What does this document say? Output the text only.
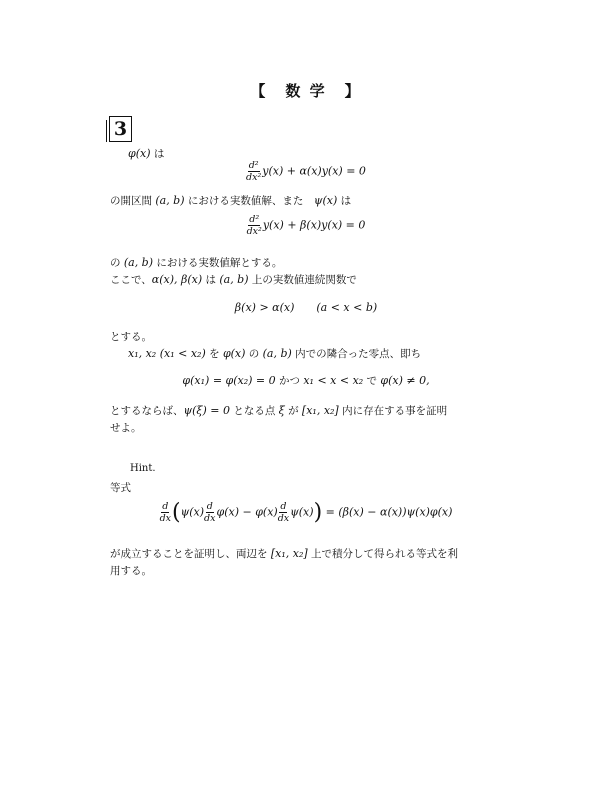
【 数 学 】
3
φ(x) は
$\frac{\text{d²}}{\text{dx²}} y(x) + \alpha(x)y(x) = 0$
の開区間 (a, b) における実数値解、また　ψ(x) は
$\frac{\text{d²}}{\text{dx²}} y(x) + \beta(x)y(x) = 0$
の (a, b) における実数値解とする。
ここで、α(x), β(x) は (a, b) 上の実数値連続関数で
β(x) > α(x)　　(a < x < b)
とする。
x₁, x₂ (x₁ < x₂) を φ(x) の (a, b) 内での隣合った零点、即ち
φ(x₁) = φ(x₂) = 0 かつ x₁ < x < x₂ で φ(x) ≠ 0,
とするならば、ψ(ξ) = 0 となる点 ξ が [x₁, x₂] 内に存在する事を証明
せよ。
Hint.
等式
$\frac{d}{dx} (\psi(x) \frac{d}{dx} \varphi(x) - \varphi(x) \frac{d}{dx} \psi(x)) = (\beta(x) - \alpha(x))\psi(x)\varphi(x)$
が成立することを証明し、両辺を [x₁, x₂] 上で積分して得られる等式を利
用する。
